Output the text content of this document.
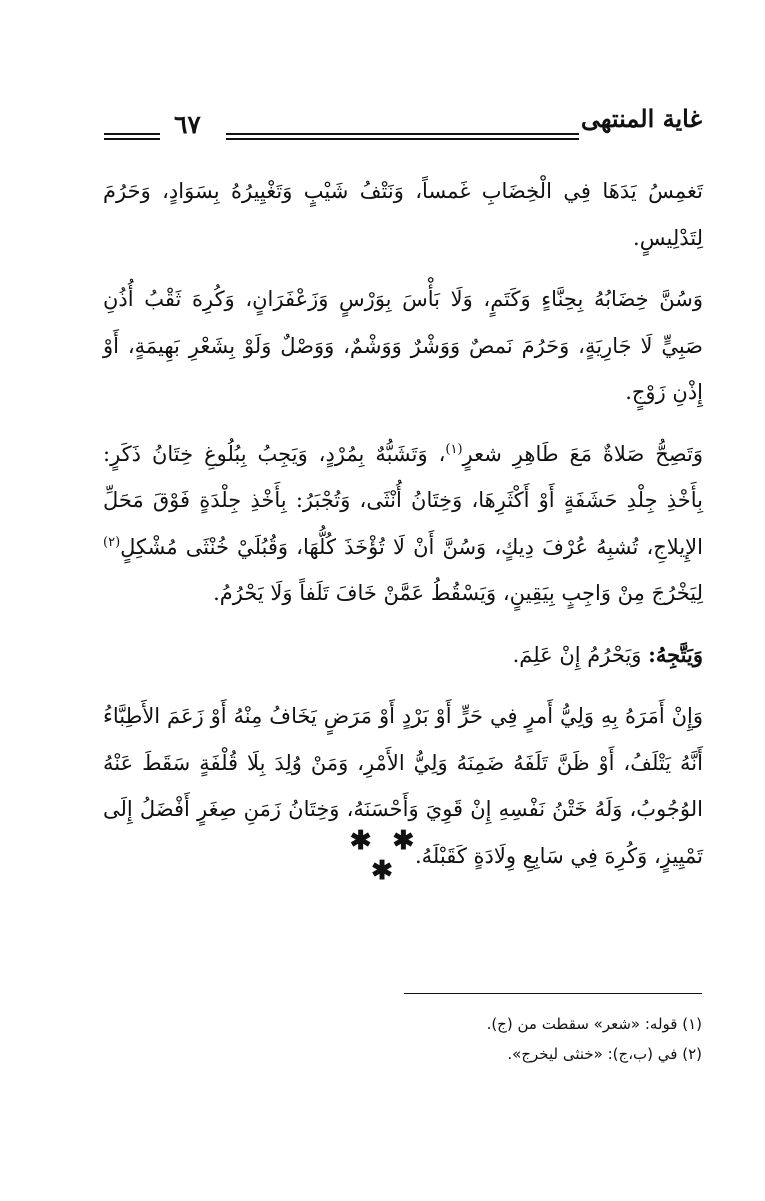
غاية المنتهى
٦٧

تَغمِسُ يَدَهَا فِي الْخِضَابِ غَمساً، وَنَتْفُ شَيْبٍ وَتَغْيِيرُهُ بِسَوَادٍ، وَحَرُمَ لِتَدْلِيسٍ.

وَسُنَّ خِضَابُهُ بِحِنَّاءٍ وَكَتَمٍ، وَلَا بَأْسَ بِوَرْسٍ وَزَعْفَرَانٍ، وَكُرِهَ ثَقْبُ أُذُنِ صَبِيٍّ لَا جَارِيَةٍ، وَحَرُمَ نَمصٌ وَوَشْرٌ وَوَشْمٌ، وَوَصْلٌ وَلَوْ بِشَعْرِ بَهِيمَةٍ، أَوْ إِذْنِ زَوْجٍ.

وَتَصِحُّ صَلاةٌ مَعَ طَاهِرِ شعرٍ$^{(١)}$، وَتَشَبُّهٌ بِمُرْدٍ، وَيَجِبُ بِبُلُوغِ خِتَانُ ذَكَرٍ: بِأَخْذِ جِلْدِ حَشَفَةٍ أَوْ أَكْثَرِهَا، وَخِتَانُ أُنْثَى، وَتُجْبَرُ: بِأَخْذِ جِلْدَةٍ فَوْقَ مَحَلِّ الإِيلاجِ، تُشبِهُ عُرْفَ دِيكٍ، وَسُنَّ أَنْ لَا تُؤْخَذَ كُلُّهَا، وَقُبُلَيْ خُنْثَى مُشْكِلٍ$^{(٢)}$ لِيَخْرُجَ مِنْ وَاجِبٍ بِيَقِينٍ، وَيَسْقُطُ عَمَّنْ خَافَ تَلَفاً وَلَا يَحْرُمُ.

وَيَتَّجِهُ: وَيَحْرُمُ إِنْ عَلِمَ.

وَإِنْ أَمَرَهُ بِهِ وَلِيُّ أَمرٍ فِي حَرٍّ أَوْ بَرْدٍ أَوْ مَرَضٍ يَخَافُ مِنْهُ أَوْ زَعَمَ الأَطِبَّاءُ أَنَّهُ يَتْلَفُ، أَوْ ظَنَّ تَلَفَهُ ضَمِنَهُ وَلِيُّ الأَمْرِ، وَمَنْ وُلِدَ بِلَا قُلْفَةٍ سَقَطَ عَنْهُ الوُجُوبُ، وَلَهُ خَتْنُ نَفْسِهِ إِنْ قَوِيَ وَأَحْسَنَهُ، وَخِتَانُ زَمَنِ صِغَرٍ أَفْضَلُ إِلَى تَمْيِيزٍ، وَكُرِهَ فِي سَابِعِ وِلَادَةٍ كَقَبْلَهُ.

✱ ✱ ✱

(١) قوله: «شعر» سقطت من (ج).

(٢) في (ب،ج): «خنثى ليخرج».
